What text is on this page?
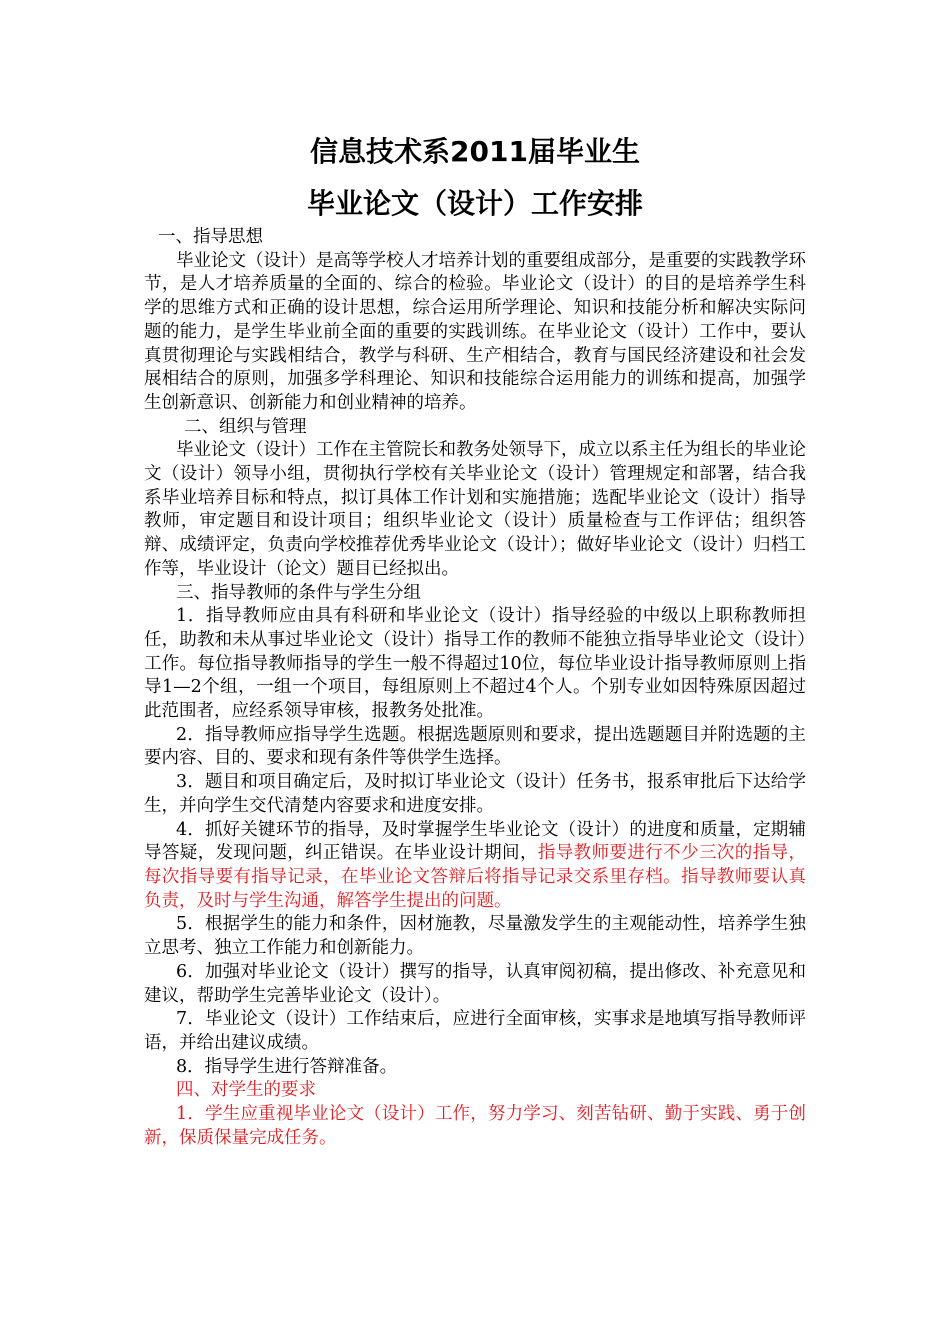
信息技术系2011届毕业生
毕业论文（设计）工作安排

一、指导思想

毕业论文（设计）是高等学校人才培养计划的重要组成部分，是重要的实践教学环节，是人才培养质量的全面的、综合的检验。毕业论文（设计）的目的是培养学生科学的思维方式和正确的设计思想，综合运用所学理论、知识和技能分析和解决实际问题的能力，是学生毕业前全面的重要的实践训练。在毕业论文（设计）工作中，要认真贯彻理论与实践相结合，教学与科研、生产相结合，教育与国民经济建设和社会发展相结合的原则，加强多学科理论、知识和技能综合运用能力的训练和提高，加强学生创新意识、创新能力和创业精神的培养。

二、组织与管理

毕业论文（设计）工作在主管院长和教务处领导下，成立以系主任为组长的毕业论文（设计）领导小组，贯彻执行学校有关毕业论文（设计）管理规定和部署，结合我系毕业培养目标和特点，拟订具体工作计划和实施措施；选配毕业论文（设计）指导教师，审定题目和设计项目；组织毕业论文（设计）质量检查与工作评估；组织答辩、成绩评定，负责向学校推荐优秀毕业论文（设计）；做好毕业论文（设计）归档工作等，毕业设计（论文）题目已经拟出。

三、指导教师的条件与学生分组

1．指导教师应由具有科研和毕业论文（设计）指导经验的中级以上职称教师担任，助教和未从事过毕业论文（设计）指导工作的教师不能独立指导毕业论文（设计）工作。每位指导教师指导的学生一般不得超过10位，每位毕业设计指导教师原则上指导1—2个组，一组一个项目，每组原则上不超过4个人。个别专业如因特殊原因超过此范围者，应经系领导审核，报教务处批准。

2．指导教师应指导学生选题。根据选题原则和要求，提出选题题目并附选题的主要内容、目的、要求和现有条件等供学生选择。

3．题目和项目确定后，及时拟订毕业论文（设计）任务书，报系审批后下达给学生，并向学生交代清楚内容要求和进度安排。

4．抓好关键环节的指导，及时掌握学生毕业论文（设计）的进度和质量，定期辅导答疑，发现问题，纠正错误。在毕业设计期间，指导教师要进行不少三次的指导，每次指导要有指导记录，在毕业论文答辩后将指导记录交系里存档。指导教师要认真负责，及时与学生沟通，解答学生提出的问题。

5．根据学生的能力和条件，因材施教，尽量激发学生的主观能动性，培养学生独立思考、独立工作能力和创新能力。

6．加强对毕业论文（设计）撰写的指导，认真审阅初稿，提出修改、补充意见和建议，帮助学生完善毕业论文（设计）。

7．毕业论文（设计）工作结束后，应进行全面审核，实事求是地填写指导教师评语，并给出建议成绩。

8．指导学生进行答辩准备。

四、对学生的要求

1．学生应重视毕业论文（设计）工作，努力学习、刻苦钻研、勤于实践、勇于创新，保质保量完成任务。
